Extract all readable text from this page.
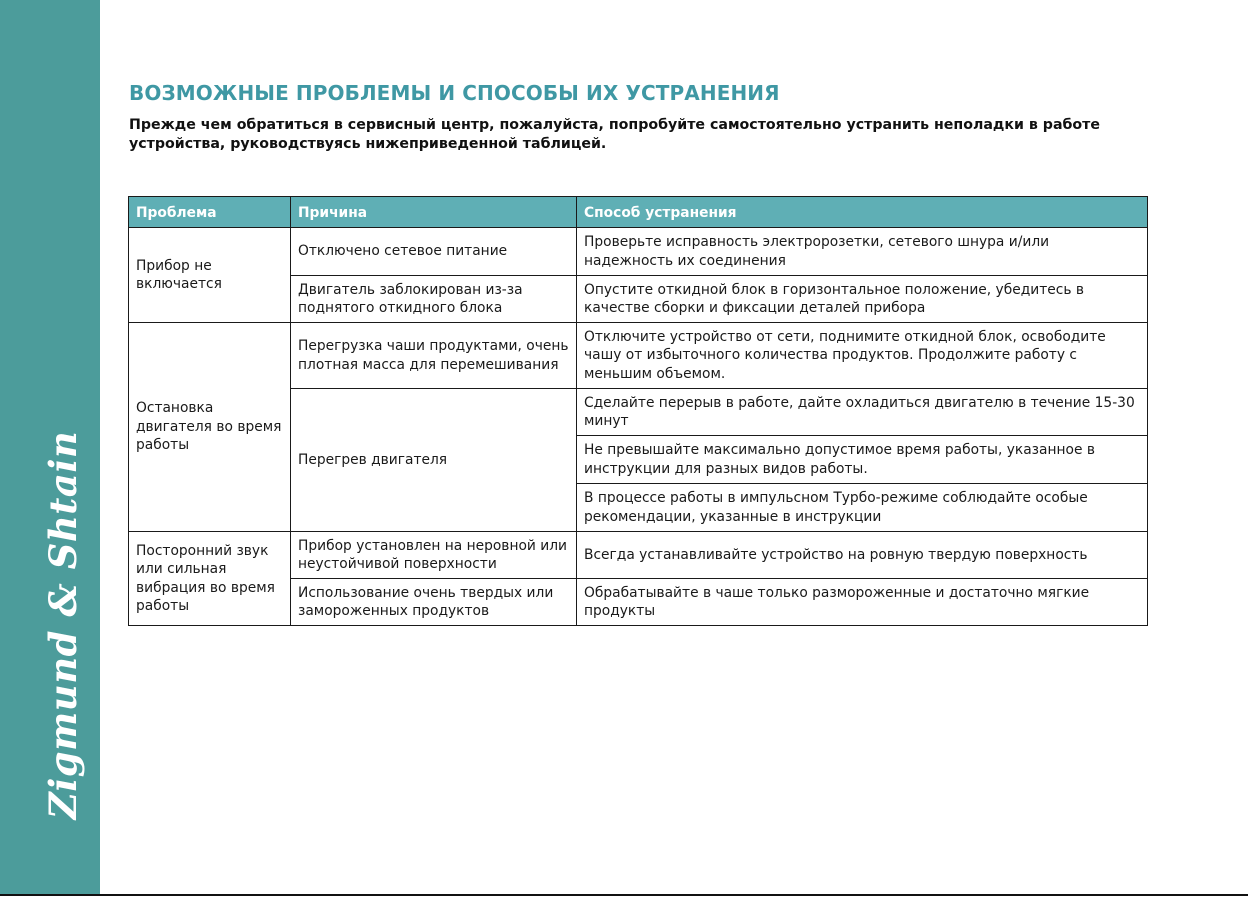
Zigmund & Shtain
ВОЗМОЖНЫЕ ПРОБЛЕМЫ И СПОСОБЫ ИХ УСТРАНЕНИЯ

Прежде чем обратиться в сервисный центр, пожалуйста, попробуйте самостоятельно устранить неполадки в работе устройства, руководствуясь нижеприведенной таблицей.

Проблема	Причина	Способ устранения
Прибор не включается	Отключено сетевое питание	Проверьте исправность электророзетки, сетевого шнура и/или надежность их соединения
	Двигатель заблокирован из-за поднятого откидного блока	Опустите откидной блок в горизонтальное положение, убедитесь в качестве сборки и фиксации деталей прибора
Остановка двигателя во время работы	Перегрузка чаши продуктами, очень плотная масса для перемешивания	Отключите устройство от сети, поднимите откидной блок, освободите чашу от избыточного количества продуктов. Продолжите работу с меньшим объемом.
	Перегрев двигателя	Сделайте перерыв в работе, дайте охладиться двигателю в течение 15-30 минут
		Не превышайте максимально допустимое время работы, указанное в инструкции для разных видов работы.
		В процессе работы в импульсном Турбо-режиме соблюдайте особые рекомендации, указанные в инструкции
Посторонний звук или сильная вибрация во время работы	Прибор установлен на неровной или неустойчивой поверхности	Всегда устанавливайте устройство на ровную твердую поверхность
	Использование очень твердых или замороженных продуктов	Обрабатывайте в чаше только размороженные и достаточно мягкие продукты
